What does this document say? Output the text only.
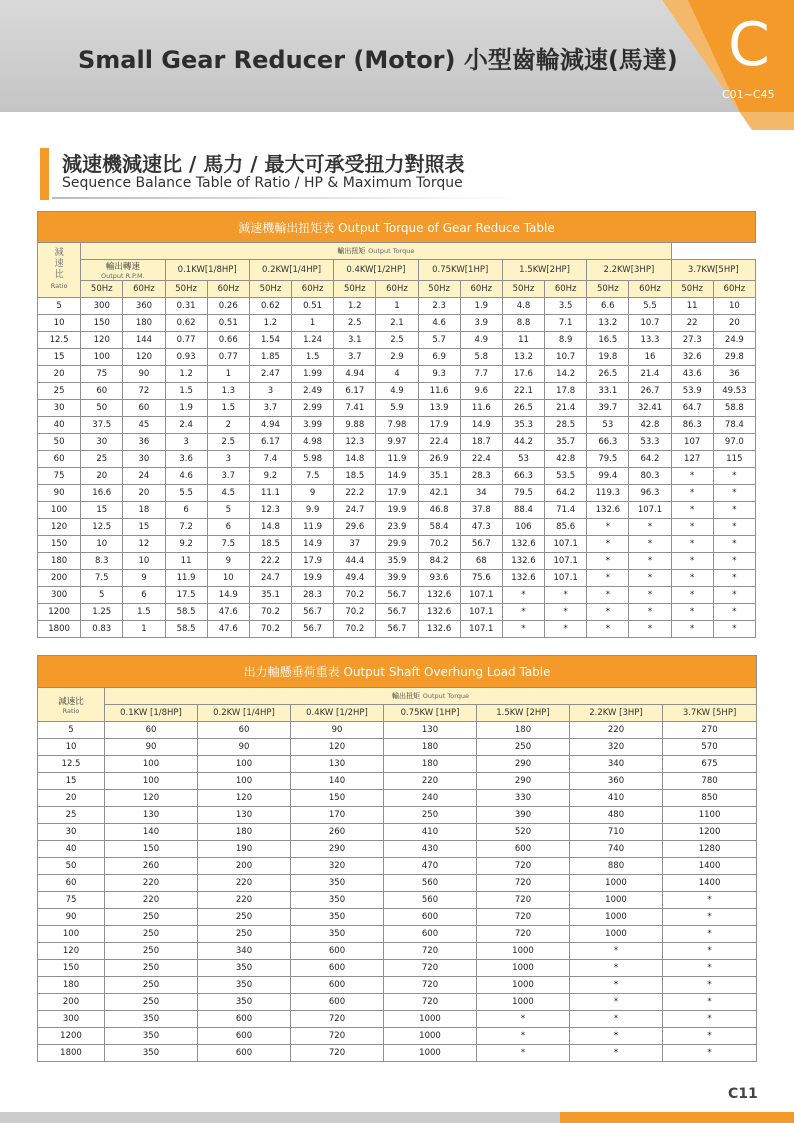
Small Gear Reducer (Motor) 小型齒輪減速(馬達) C
C01~C45
減速機減速比 / 馬力 / 最大可承受扭力對照表
Sequence Balance Table of Ratio / HP & Maximum Torque
減速機輸出扭矩表 Output Torque of Gear Reduce Table																
減速比
Ratio	輸出扭矩 Output Torque															
	輸出轉速
Output R.P.M.		0.1KW[1/8HP]		0.2KW[1/4HP]		0.4KW[1/2HP]		0.75KW[1HP]		1.5KW[2HP]		2.2KW[3HP]		3.7KW[5HP]	
	50Hz	60Hz	50Hz	60Hz	50Hz	60Hz	50Hz	60Hz	50Hz	60Hz	50Hz	60Hz	50Hz	60Hz	50Hz	60Hz
5	300	360	0.31	0.26	0.62	0.51	1.2	1	2.3	1.9	4.8	3.5	6.6	5.5	11	10
10	150	180	0.62	0.51	1.2	1	2.5	2.1	4.6	3.9	8.8	7.1	13.2	10.7	22	20
12.5	120	144	0.77	0.66	1.54	1.24	3.1	2.5	5.7	4.9	11	8.9	16.5	13.3	27.3	24.9
15	100	120	0.93	0.77	1.85	1.5	3.7	2.9	6.9	5.8	13.2	10.7	19.8	16	32.6	29.8
20	75	90	1.2	1	2.47	1.99	4.94	4	9.3	7.7	17.6	14.2	26.5	21.4	43.6	36
25	60	72	1.5	1.3	3	2.49	6.17	4.9	11.6	9.6	22.1	17.8	33.1	26.7	53.9	49.53
30	50	60	1.9	1.5	3.7	2.99	7.41	5.9	13.9	11.6	26.5	21.4	39.7	32.41	64.7	58.8
40	37.5	45	2.4	2	4.94	3.99	9.88	7.98	17.9	14.9	35.3	28.5	53	42.8	86.3	78.4
50	30	36	3	2.5	6.17	4.98	12.3	9.97	22.4	18.7	44.2	35.7	66.3	53.3	107	97.0
60	25	30	3.6	3	7.4	5.98	14.8	11.9	26.9	22.4	53	42.8	79.5	64.2	127	115
75	20	24	4.6	3.7	9.2	7.5	18.5	14.9	35.1	28.3	66.3	53.5	99.4	80.3	*	*
90	16.6	20	5.5	4.5	11.1	9	22.2	17.9	42.1	34	79.5	64.2	119.3	96.3	*	*
100	15	18	6	5	12.3	9.9	24.7	19.9	46.8	37.8	88.4	71.4	132.6	107.1	*	*
120	12.5	15	7.2	6	14.8	11.9	29.6	23.9	58.4	47.3	106	85.6	*	*	*	*
150	10	12	9.2	7.5	18.5	14.9	37	29.9	70.2	56.7	132.6	107.1	*	*	*	*
180	8.3	10	11	9	22.2	17.9	44.4	35.9	84.2	68	132.6	107.1	*	*	*	*
200	7.5	9	11.9	10	24.7	19.9	49.4	39.9	93.6	75.6	132.6	107.1	*	*	*	*
300	5	6	17.5	14.9	35.1	28.3	70.2	56.7	132.6	107.1	*	*	*	*	*	*
1200	1.25	1.5	58.5	47.6	70.2	56.7	70.2	56.7	132.6	107.1	*	*	*	*	*	*
1800	0.83	1	58.5	47.6	70.2	56.7	70.2	56.7	132.6	107.1	*	*	*	*	*	*
出力軸懸垂荷重表 Output Shaft Overhung Load Table							

減速比
Ratio	輸出扭矩 Output Torque						
	0.1KW [1/8HP]	0.2KW [1/4HP]	0.4KW [1/2HP]	0.75KW [1HP]	1.5KW [2HP]	2.2KW [3HP]	3.7KW [5HP]
5	60	60	90	130	180	220	270
10	90	90	120	180	250	320	570
12.5	100	100	130	180	290	340	675
15	100	100	140	220	290	360	780
20	120	120	150	240	330	410	850
25	130	130	170	250	390	480	1100
30	140	180	260	410	520	710	1200
40	150	190	290	430	600	740	1280
50	260	200	320	470	720	880	1400
60	220	220	350	560	720	1000	1400
75	220	220	350	560	720	1000	*
90	250	250	350	600	720	1000	*
100	250	250	350	600	720	1000	*
120	250	340	600	720	1000	*	*
150	250	350	600	720	1000	*	*
180	250	350	600	720	1000	*	*
200	250	350	600	720	1000	*	*
300	350	600	720	1000	*	*	*
1200	350	600	720	1000	*	*	*
1800	350	600	720	1000	*	*	*
C11
